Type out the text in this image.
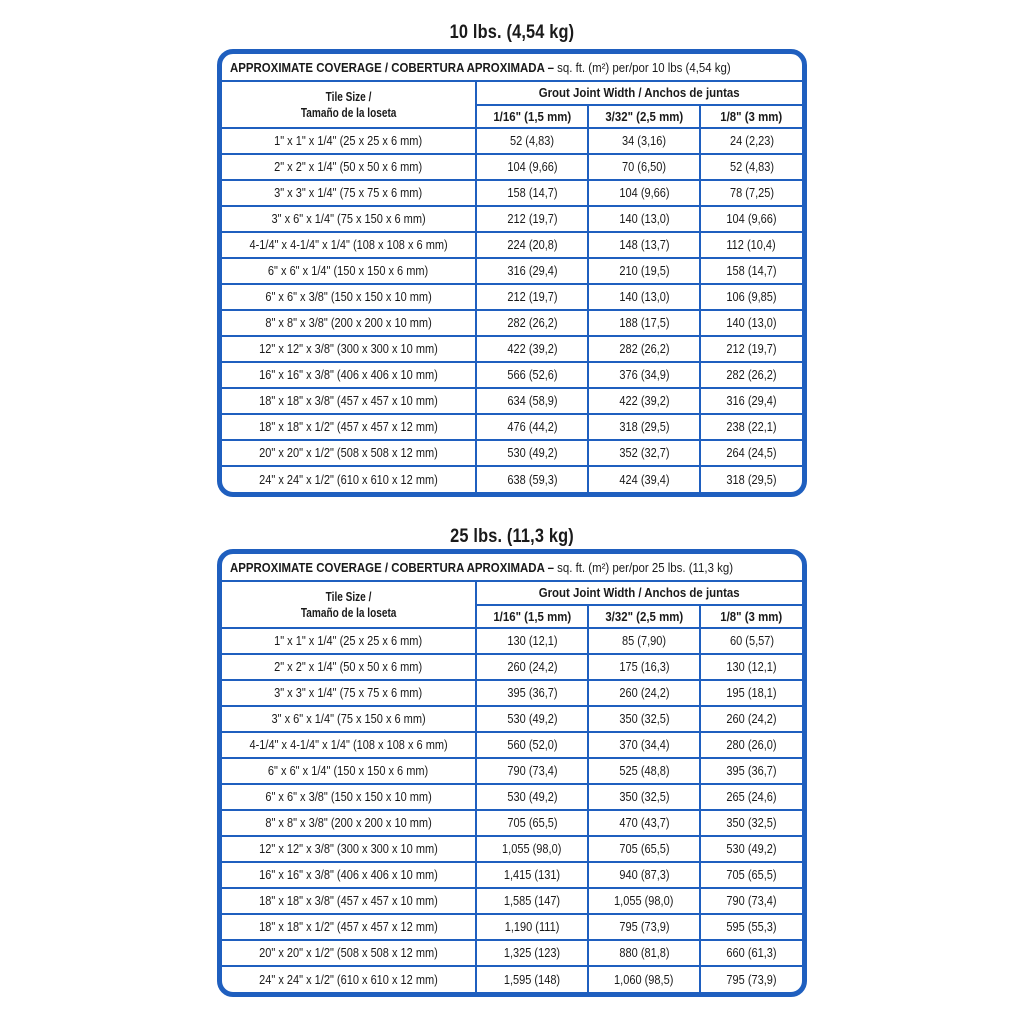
10 lbs. (4,54 kg)
APPROXIMATE COVERAGE / COBERTURA APROXIMADA – sq. ft. (m²) per/por 10 lbs (4,54 kg)
Tile Size /
Tamaño de la loseta	Grout Joint Width / Anchos de juntas		
	1/16" (1,5 mm)	3/32" (2,5 mm)	1/8" (3 mm)
1" x 1" x 1/4" (25 x 25 x 6 mm)	52 (4,83)	34 (3,16)	24 (2,23)
2" x 2" x 1/4" (50 x 50 x 6 mm)	104 (9,66)	70 (6,50)	52 (4,83)
3" x 3" x 1/4" (75 x 75 x 6 mm)	158 (14,7)	104 (9,66)	78 (7,25)
3" x 6" x 1/4" (75 x 150 x 6 mm)	212 (19,7)	140 (13,0)	104 (9,66)
4-1/4" x 4-1/4" x 1/4" (108 x 108 x 6 mm)	224 (20,8)	148 (13,7)	112 (10,4)
6" x 6" x 1/4" (150 x 150 x 6 mm)	316 (29,4)	210 (19,5)	158 (14,7)
6" x 6" x 3/8" (150 x 150 x 10 mm)	212 (19,7)	140 (13,0)	106 (9,85)
8" x 8" x 3/8" (200 x 200 x 10 mm)	282 (26,2)	188 (17,5)	140 (13,0)
12" x 12" x 3/8" (300 x 300 x 10 mm)	422 (39,2)	282 (26,2)	212 (19,7)
16" x 16" x 3/8" (406 x 406 x 10 mm)	566 (52,6)	376 (34,9)	282 (26,2)
18" x 18" x 3/8" (457 x 457 x 10 mm)	634 (58,9)	422 (39,2)	316 (29,4)
18" x 18" x 1/2" (457 x 457 x 12 mm)	476 (44,2)	318 (29,5)	238 (22,1)
20" x 20" x 1/2" (508 x 508 x 12 mm)	530 (49,2)	352 (32,7)	264 (24,5)
24" x 24" x 1/2" (610 x 610 x 12 mm)	638 (59,3)	424 (39,4)	318 (29,5)
25 lbs. (11,3 kg)
APPROXIMATE COVERAGE / COBERTURA APROXIMADA – sq. ft. (m²) per/por 25 lbs. (11,3 kg)
Tile Size /
Tamaño de la loseta	Grout Joint Width / Anchos de juntas		
	1/16" (1,5 mm)	3/32" (2,5 mm)	1/8" (3 mm)
1" x 1" x 1/4" (25 x 25 x 6 mm)	130 (12,1)	85 (7,90)	60 (5,57)
2" x 2" x 1/4" (50 x 50 x 6 mm)	260 (24,2)	175 (16,3)	130 (12,1)
3" x 3" x 1/4" (75 x 75 x 6 mm)	395 (36,7)	260 (24,2)	195 (18,1)
3" x 6" x 1/4" (75 x 150 x 6 mm)	530 (49,2)	350 (32,5)	260 (24,2)
4-1/4" x 4-1/4" x 1/4" (108 x 108 x 6 mm)	560 (52,0)	370 (34,4)	280 (26,0)
6" x 6" x 1/4" (150 x 150 x 6 mm)	790 (73,4)	525 (48,8)	395 (36,7)
6" x 6" x 3/8" (150 x 150 x 10 mm)	530 (49,2)	350 (32,5)	265 (24,6)
8" x 8" x 3/8" (200 x 200 x 10 mm)	705 (65,5)	470 (43,7)	350 (32,5)
12" x 12" x 3/8" (300 x 300 x 10 mm)	1,055 (98,0)	705 (65,5)	530 (49,2)
16" x 16" x 3/8" (406 x 406 x 10 mm)	1,415 (131)	940 (87,3)	705 (65,5)
18" x 18" x 3/8" (457 x 457 x 10 mm)	1,585 (147)	1,055 (98,0)	790 (73,4)
18" x 18" x 1/2" (457 x 457 x 12 mm)	1,190 (111)	795 (73,9)	595 (55,3)
20" x 20" x 1/2" (508 x 508 x 12 mm)	1,325 (123)	880 (81,8)	660 (61,3)
24" x 24" x 1/2" (610 x 610 x 12 mm)	1,595 (148)	1,060 (98,5)	795 (73,9)
